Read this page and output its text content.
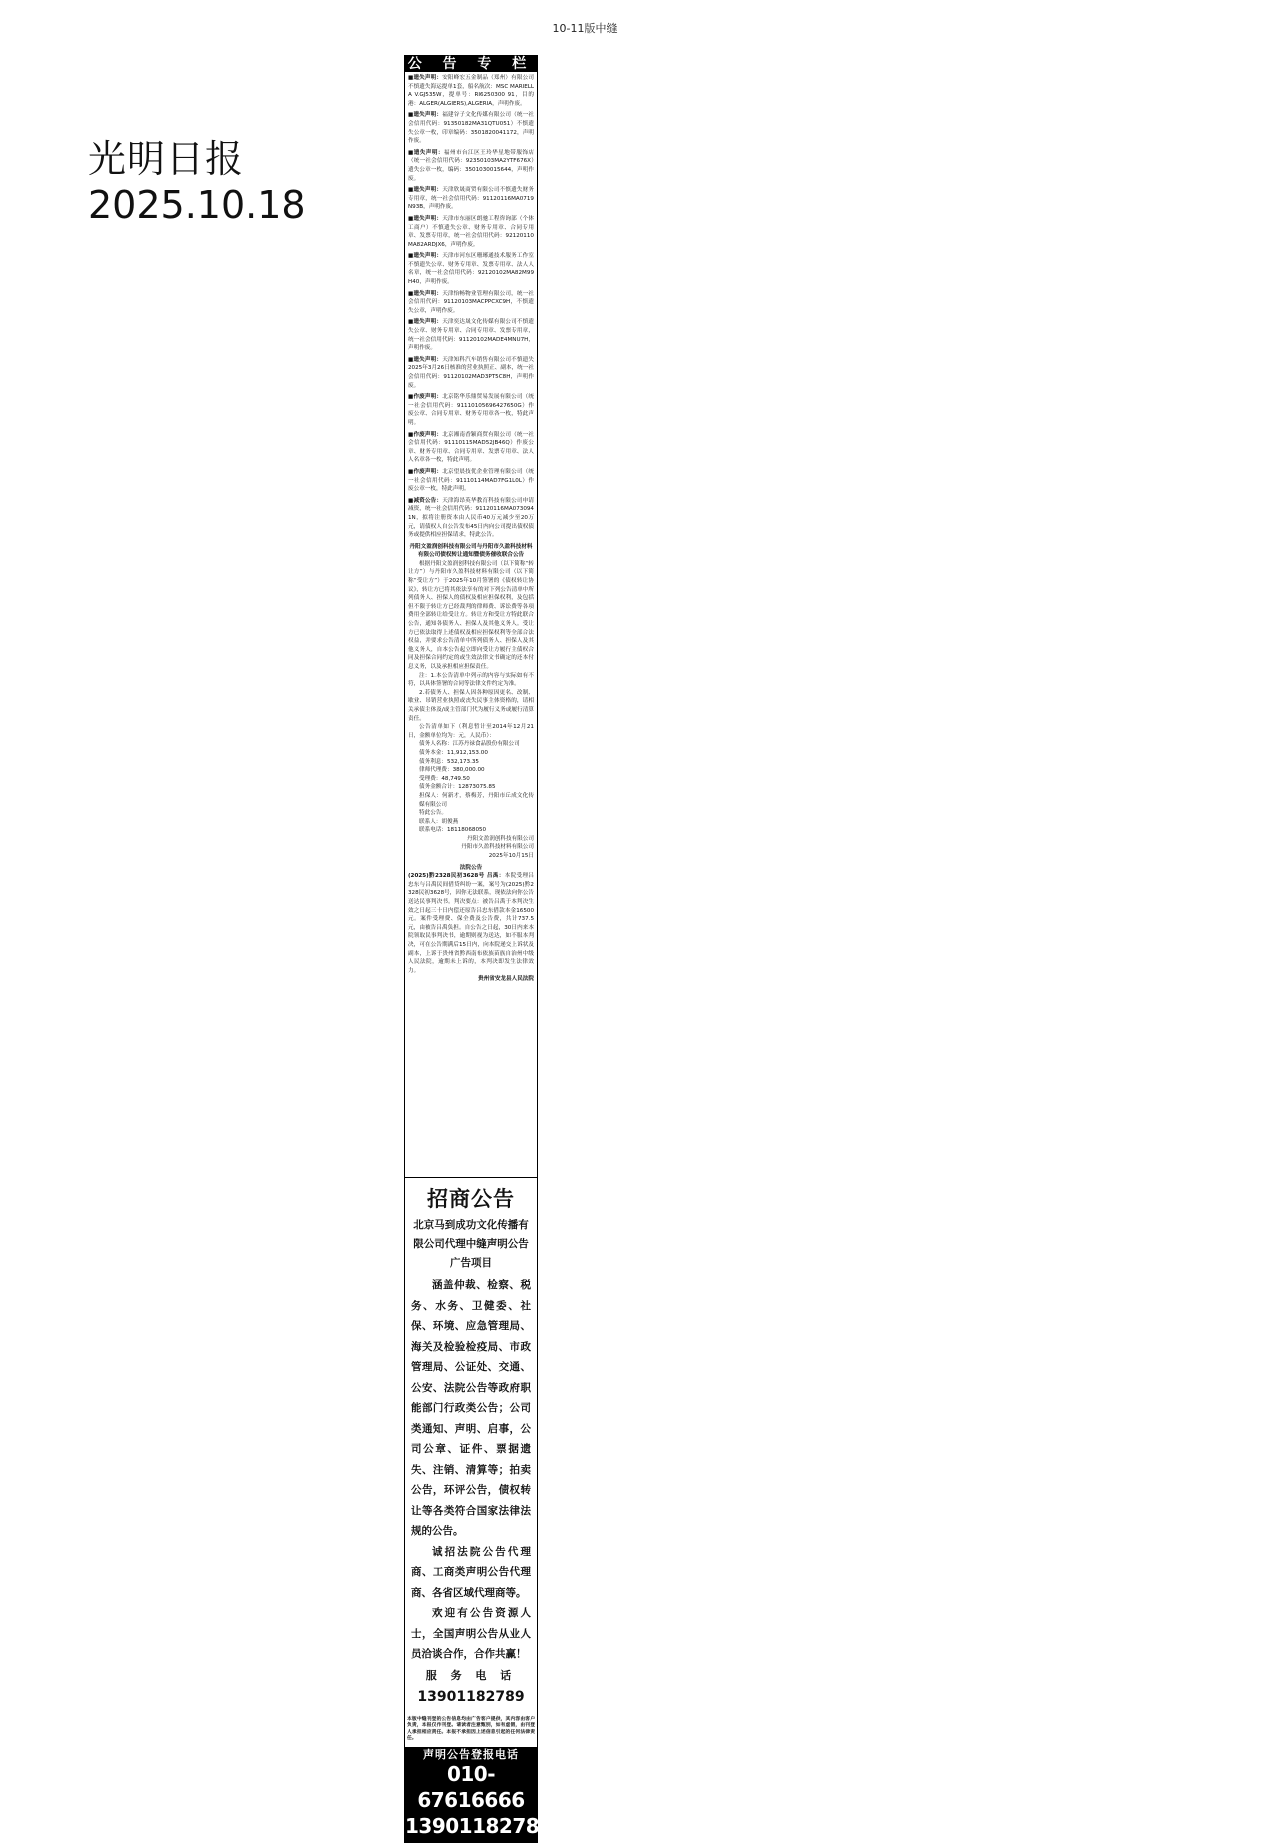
10-11版中缝
光明日报
2025.10.18
公 告 专 栏
■遗失声明：安阳峰宏五金制品（郑州）有限公司不慎遗失海运提单1套，船名航次：MSC MARIELLA V.GJ535W，提单号：RI6250300 91，目的港：ALGER(ALGIERS),ALGERIA，声明作废。
■遗失声明：福建谷子文化传媒有限公司（统一社会信用代码：91350182MA31QTU051）不慎遗失公章一枚，印章编码：3501820041172，声明作废。
■遗失声明：福州市台江区王玲华星地带服饰店（统一社会信用代码：92350103MA2YTF676X）遗失公章一枚，编码：3501030015644，声明作废。
■遗失声明：天津欣晟商贸有限公司不慎遗失财务专用章，统一社会信用代码：91120116MA0719N93B，声明作废。
■遗失声明：天津市东丽区朗驰工程咨询部（个体工商户）不慎遗失公章、财务专用章、合同专用章、发票专用章，统一社会信用代码：92120110MA82ARDJX6，声明作废。
■遗失声明：天津市河东区珊琊通技术服务工作室不慎遗失公章、财务专用章、发票专用章、法人人名章，统一社会信用代码：92120102MA82M99H40，声明作废。
■遗失声明：天津怡畅物业管理有限公司，统一社会信用代码：91120103MACPPCXC9H，不慎遗失公章，声明作废。
■遗失声明：天津奕达晟文化传媒有限公司不慎遗失公章、财务专用章、合同专用章、发票专用章，统一社会信用代码：91120102MADE4MNU7H，声明作废。
■遗失声明：天津知科汽车销售有限公司不慎遗失2025年3月26日核准的营业执照正、副本，统一社会信用代码：91120102MAD3PT5C8H，声明作废。
■作废声明：北京铭华乐鼎贸易发展有限公司（统一社会信用代码：91110105696427650G）作废公章、合同专用章、财务专用章各一枚，特此声明。
■作废声明：北京湘南香颖商贸有限公司（统一社会信用代码：91110115MAD52JB46Q）作废公章、财务专用章、合同专用章、发票专用章、法人人名章各一枚，特此声明。
■作废声明：北京望晨技优企业管理有限公司（统一社会信用代码：91110114MAD7FG1L0L）作废公章一枚，特此声明。
■减资公告：天津海昂英华教育科技有限公司申请减资，统一社会信用代码：91120116MA0730941N，拟将注册资本由人民币40万元减少至20万元，请债权人自公告发布45日内向公司提出债权债务或提供相应担保请求，特此公告。
丹阳文盈润创科技有限公司与丹阳市久盈科技材料有限公司债权转让通知暨债务催收联合公告
根据丹阳文盈润创科技有限公司（以下简称“转让方”）与丹阳市久盈科技材料有限公司（以下简称“受让方”）于2025年10月签署的《债权转让协议》，转让方已将其依法享有的对下列公告清单中所列债务人、担保人的债权及相应担保权利，及包括但不限于转让方已经裁判的律师费、诉讼费等各项费用全部转让给受让方。转让方和受让方特此联合公告，通知各债务人、担保人及其他义务人。受让方已依法取得上述债权及相应担保权利等全部合法权益，并要求公告清单中所列债务人、担保人及其他义务人，自本公告起立即向受让方履行主债权合同及担保合同约定的或生效法律文书确定的还本付息义务，以及承担相应担保责任。
注：1.本公告清单中列示的内容与实际如有不符，以具体签署的合同等法律文件约定为准。
2.若债务人、担保人因各种原因更名、改制、歇业、吊销营业执照或丧失民事主体资格的，请相关承债主体及/或主管部门代为履行义务或履行清算责任。
公告清单如下（利息暂计至2014年12月21日，金额单位均为：元，人民币）：
债务人名称：江苏丹禄食品股份有限公司
债务本金：11,912,153.00
债务利息：532,173.35
律师代理费：380,000.00
受理费：48,749.50
债务金额合计：12873075.85
担保人：何新才，蔡梅芳，丹阳市丘成文化传媒有限公司
特此公告。
联系人：胡俊燕
联系电话：18118068050
丹阳文盈润创科技有限公司
丹阳市久盈科技材料有限公司
2025年10月15日
法院公告
(2025)黔2328民初3628号 吕禹：本院受理吕忠东与吕禹民间借贷纠纷一案，案号为(2025)黔2328民初3628号，因你无法联系，现依法向你公告送达民事判决书。判决要点：被告吕禹于本判决生效之日起三十日内偿还原告吕忠东借款本金16500元。案件受理费、保全费及公告费，共计737.5元，由被告吕禹负担。自公告之日起，30日内来本院领取民事判决书，逾期则视为送达，如不服本判决，可在公告期满后15日内，向本院递交上诉状及副本，上诉于贵州省黔西南布依族苗族自治州中级人民法院，逾期未上诉的，本判决即发生法律效力。
贵州省安龙县人民法院
招商公告
北京马到成功文化传播有
限公司代理中缝声明公告
广告项目
涵盖仲裁、检察、税务、水务、卫健委、社保、环境、应急管理局、海关及检验检疫局、市政管理局、公证处、交通、公安、法院公告等政府职能部门行政类公告；公司类通知、声明、启事，公司公章、证件、票据遗失、注销、清算等；拍卖公告，环评公告，债权转让等各类符合国家法律法规的公告。
诚招法院公告代理商、工商类声明公告代理商、各省区域代理商等。
欢迎有公告资源人士，全国声明公告从业人员洽谈合作，合作共赢！
服 务 电 话
13901182789
本版中缝刊登的公告信息均由广告客户提供，其内容由客户负责，本报仅作刊登。请读者注意甄别，如有虚假，由刊登人承担相应责任。本报不承担因上述信息引起的任何法律责任。
声明公告登报电话
010-67616666
13901182789
